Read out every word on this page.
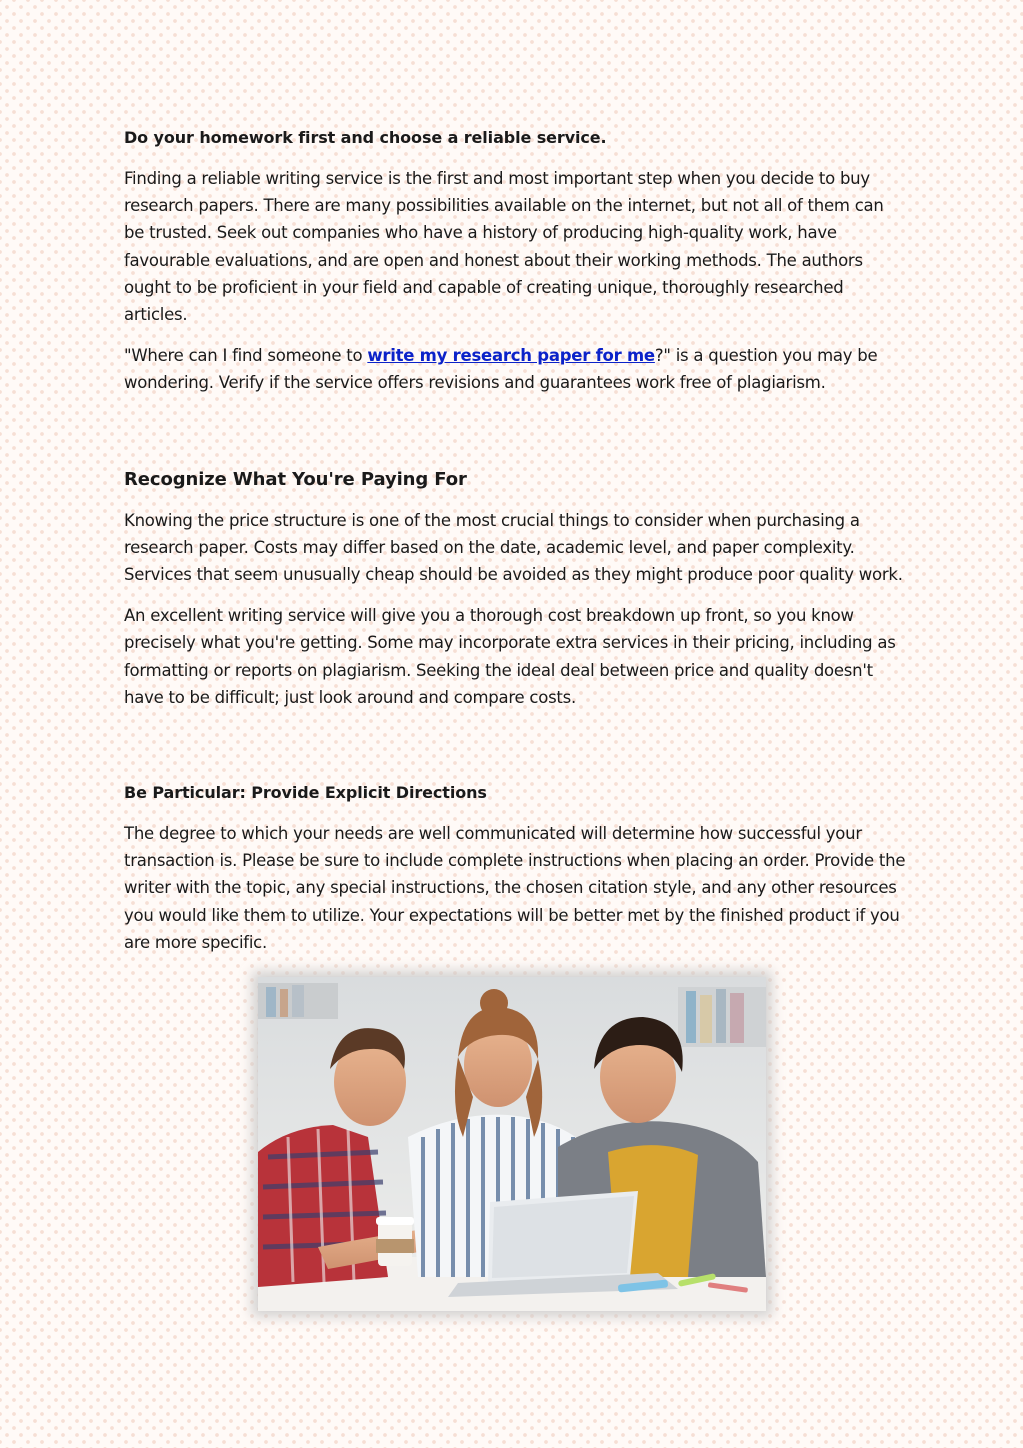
Do your homework first and choose a reliable service.

Finding a reliable writing service is the first and most important step when you decide to buy research papers. There are many possibilities available on the internet, but not all of them can be trusted. Seek out companies who have a history of producing high-quality work, have favourable evaluations, and are open and honest about their working methods. The authors ought to be proficient in your field and capable of creating unique, thoroughly researched articles.

"Where can I find someone to write my research paper for me?" is a question you may be wondering. Verify if the service offers revisions and guarantees work free of plagiarism.

Recognize What You're Paying For

Knowing the price structure is one of the most crucial things to consider when purchasing a research paper. Costs may differ based on the date, academic level, and paper complexity. Services that seem unusually cheap should be avoided as they might produce poor quality work.

An excellent writing service will give you a thorough cost breakdown up front, so you know precisely what you're getting. Some may incorporate extra services in their pricing, including as formatting or reports on plagiarism. Seeking the ideal deal between price and quality doesn't have to be difficult; just look around and compare costs.

Be Particular: Provide Explicit Directions

The degree to which your needs are well communicated will determine how successful your transaction is. Please be sure to include complete instructions when placing an order. Provide the writer with the topic, any special instructions, the chosen citation style, and any other resources you would like them to utilize. Your expectations will be better met by the finished product if you are more specific.
